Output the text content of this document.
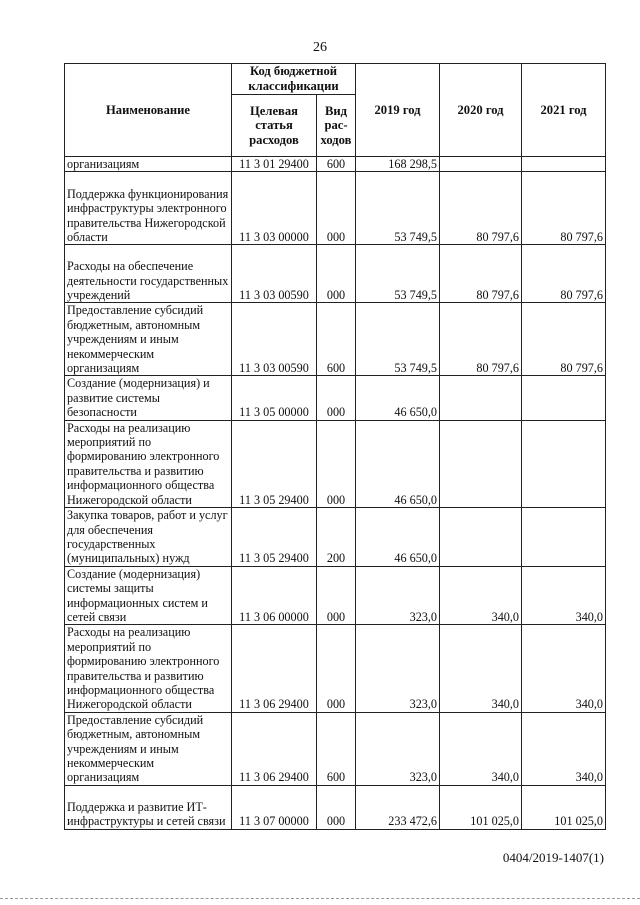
26
Наименование	Код бюджетной классификации		2019 год	2020 год	2021 год
	Целевая статья расходов	Вид рас- ходов			
организациям	11 3 01 29400	600	168 298,5		
Поддержка функционирования инфраструктуры электронного правительства Нижегородской области	11 3 03 00000	000	53 749,5	80 797,6	80 797,6
Расходы на обеспечение деятельности государственных учреждений	11 3 03 00590	000	53 749,5	80 797,6	80 797,6
Предоставление субсидий бюджетным, автономным учреждениям и иным некоммерческим организациям	11 3 03 00590	600	53 749,5	80 797,6	80 797,6
Создание (модернизация) и развитие системы безопасности	11 3 05 00000	000	46 650,0		
Расходы на реализацию мероприятий по формированию электронного правительства и развитию информационного общества Нижегородской области	11 3 05 29400	000	46 650,0		
Закупка товаров, работ и услуг для обеспечения государственных (муниципальных) нужд	11 3 05 29400	200	46 650,0		
Создание (модернизация) системы защиты информационных систем и сетей связи	11 3 06 00000	000	323,0	340,0	340,0
Расходы на реализацию мероприятий по формированию электронного правительства и развитию информационного общества Нижегородской области	11 3 06 29400	000	323,0	340,0	340,0
Предоставление субсидий бюджетным, автономным учреждениям и иным некоммерческим организациям	11 3 06 29400	600	323,0	340,0	340,0
Поддержка и развитие ИТ-инфраструктуры и сетей связи	11 3 07 00000	000	233 472,6	101 025,0	101 025,0
0404/2019-1407(1)
